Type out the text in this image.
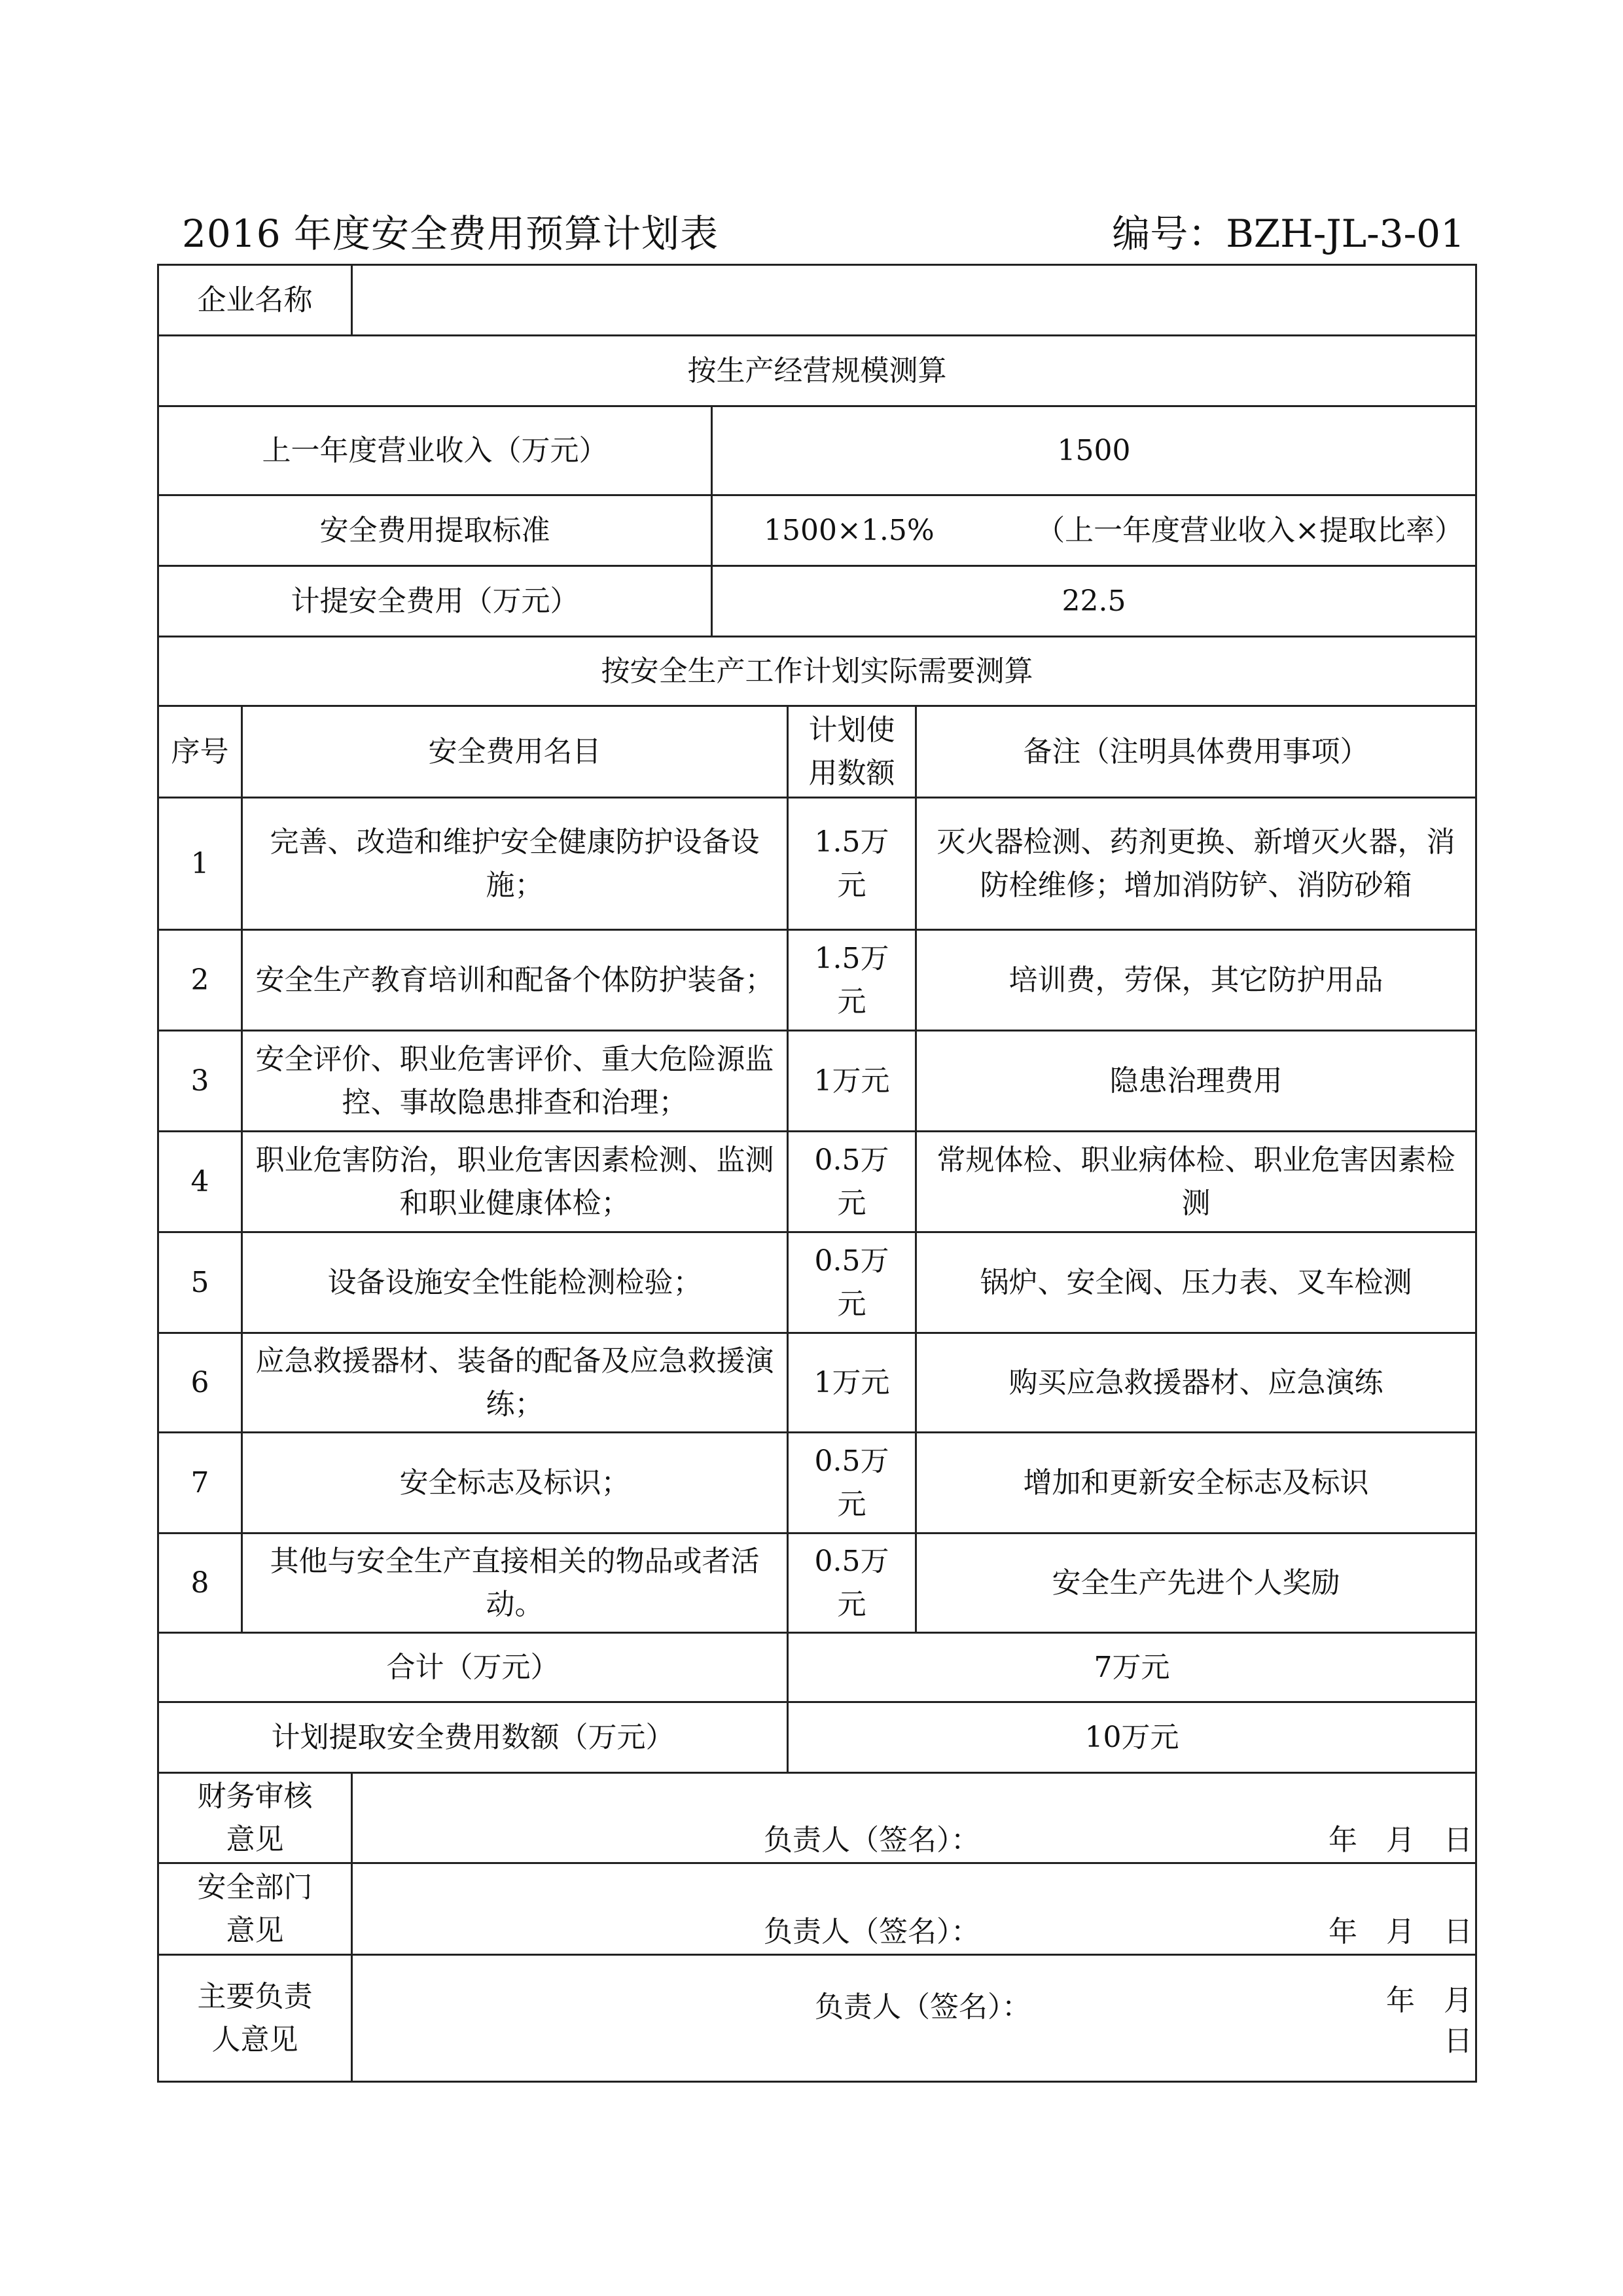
2016 年度安全费用预算计划表	编号：BZH-JL-3-01
企业名称					
按生产经营规模测算					
上一年度营业收入（万元）			1500		
安全费用提取标准			1500×1.5% （上一年度营业收入×提取比率）		

计提安全费用（万元）			22.5		
按安全生产工作计划实际需要测算					
序号	安全费用名目			计划使用数额	备注（注明具体费用事项）
1	完善、改造和维护安全健康防护设备设施；			1.5万元	灭火器检测、药剂更换、新增灭火器，消防栓维修；增加消防铲、消防砂箱
2	安全生产教育培训和配备个体防护装备；			1.5万元	培训费，劳保，其它防护用品
3	安全评价、职业危害评价、重大危险源监控、事故隐患排查和治理；			1万元	隐患治理费用
4	职业危害防治，职业危害因素检测、监测和职业健康体检；			0.5万元	常规体检、职业病体检、职业危害因素检测
5	设备设施安全性能检测检验；			0.5万元	锅炉、安全阀、压力表、叉车检测
6	应急救援器材、装备的配备及应急救援演练；			1万元	购买应急救援器材、应急演练
7	安全标志及标识；			0.5万元	增加和更新安全标志及标识
8	其他与安全生产直接相关的物品或者活动。			0.5万元	安全生产先进个人奖励
合计（万元）				7万元	
计划提取安全费用数额（万元）				10万元	
财务审核意见		负责人（签名）： 年　月　日			

安全部门意见		负责人（签名）： 年　月　日			

主要负责人意见		负责人（签名）： 年　月　日			
